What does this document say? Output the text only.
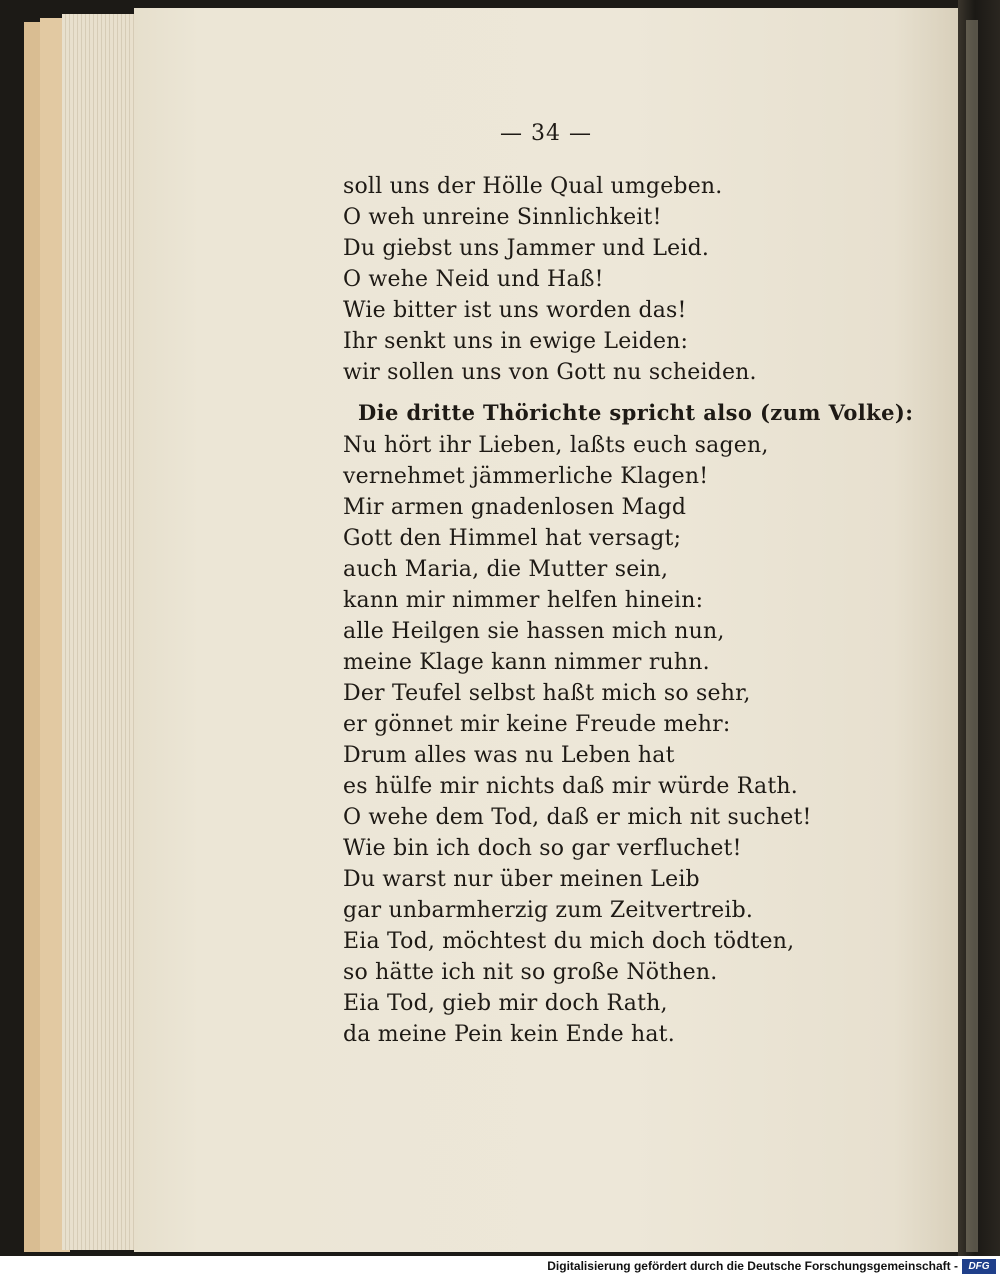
— 34 —
soll uns der Hölle Qual umgeben.
O weh unreine Sinnlichkeit!
Du giebst uns Jammer und Leid.
O wehe Neid und Haß!
Wie bitter ist uns worden das!
Ihr senkt uns in ewige Leiden:
wir sollen uns von Gott nu scheiden.
Die dritte Thörichte spricht also (zum Volke):
Nu hört ihr Lieben, laßts euch sagen,
vernehmet jämmerliche Klagen!
Mir armen gnadenlosen Magd
Gott den Himmel hat versagt;
auch Maria, die Mutter sein,
kann mir nimmer helfen hinein:
alle Heilgen sie hassen mich nun,
meine Klage kann nimmer ruhn.
Der Teufel selbst haßt mich so sehr,
er gönnet mir keine Freude mehr:
Drum alles was nu Leben hat
es hülfe mir nichts daß mir würde Rath.
O wehe dem Tod, daß er mich nit suchet!
Wie bin ich doch so gar verfluchet!
Du warst nur über meinen Leib
gar unbarmherzig zum Zeitvertreib.
Eia Tod, möchtest du mich doch tödten,
so hätte ich nit so große Nöthen.
Eia Tod, gieb mir doch Rath,
da meine Pein kein Ende hat.
Digitalisierung gefördert durch die Deutsche Forschungsgemeinschaft -	DFG
